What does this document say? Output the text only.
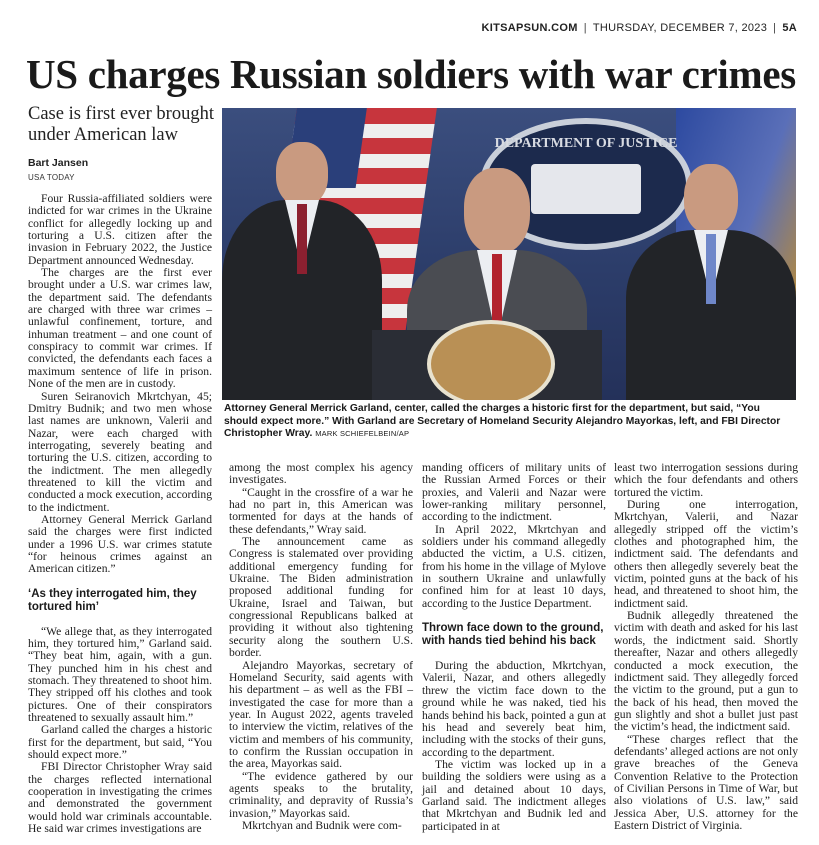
KITSAPSUN.COM | THURSDAY, DECEMBER 7, 2023 | 5A
US charges Russian soldiers with war crimes
Case is first ever brought under American law
Bart Jansen
USA TODAY
DEPARTMENT OF JUSTICE

Attorney General Merrick Garland, center, called the charges a historic first for the department, but said, “You should expect more.” With Garland are Secretary of Homeland Security Alejandro Mayorkas, left, and FBI Director Christopher Wray. MARK SCHIEFELBEIN/AP

Four Russia-affiliated soldiers were indicted for war crimes in the Ukraine conflict for allegedly locking up and torturing a U.S. citizen after the invasion in February 2022, the Justice Department announced Wednesday.

The charges are the first ever brought under a U.S. war crimes law, the department said. The defendants are charged with three war crimes – unlawful confinement, torture, and inhuman treatment – and one count of conspiracy to commit war crimes. If convicted, the defendants each faces a maximum sentence of life in prison. None of the men are in custody.

Suren Seiranovich Mkrtchyan, 45; Dmitry Budnik; and two men whose last names are unknown, Valerii and Nazar, were each charged with interrogating, severely beating and torturing the U.S. citizen, according to the indictment. The men allegedly threatened to kill the victim and conducted a mock execution, according to the indictment.

Attorney General Merrick Garland said the charges were first indicted under a 1996 U.S. war crimes statute “for heinous crimes against an American citizen.”

‘As they interrogated him, they tortured him’

“We allege that, as they interrogated him, they tortured him,” Garland said. “They beat him, again, with a gun. They punched him in his chest and stomach. They threatened to shoot him. They stripped off his clothes and took pictures. One of their conspirators threatened to sexually assault him.”

Garland called the charges a historic first for the department, but said, “You should expect more.”

FBI Director Christopher Wray said the charges reflected international cooperation in investigating the crimes and demonstrated the government would hold war criminals accountable. He said war crimes investigations are

among the most complex his agency investigates.

“Caught in the crossfire of a war he had no part in, this American was tormented for days at the hands of these defendants,” Wray said.

The announcement came as Congress is stalemated over providing additional emergency funding for Ukraine. The Biden administration proposed additional funding for Ukraine, Israel and Taiwan, but congressional Republicans balked at providing it without also tightening security along the southern U.S. border.

Alejandro Mayorkas, secretary of Homeland Security, said agents with his department – as well as the FBI – investigated the case for more than a year. In August 2022, agents traveled to interview the victim, relatives of the victim and members of his community, to confirm the Russian occupation in the area, Mayorkas said.

“The evidence gathered by our agents speaks to the brutality, criminality, and depravity of Russia’s invasion,” Mayorkas said.

Mkrtchyan and Budnik were com-

manding officers of military units of the Russian Armed Forces or their proxies, and Valerii and Nazar were lower-ranking military personnel, according to the indictment.

In April 2022, Mkrtchyan and soldiers under his command allegedly abducted the victim, a U.S. citizen, from his home in the village of Mylove in southern Ukraine and unlawfully confined him for at least 10 days, according to the Justice Department.

Thrown face down to the ground, with hands tied behind his back

During the abduction, Mkrtchyan, Valerii, Nazar, and others allegedly threw the victim face down to the ground while he was naked, tied his hands behind his back, pointed a gun at his head and severely beat him, including with the stocks of their guns, according to the department.

The victim was locked up in a building the soldiers were using as a jail and detained about 10 days, Garland said. The indictment alleges that Mkrtchyan and Budnik led and participated in at

least two interrogation sessions during which the four defendants and others tortured the victim.

During one interrogation, Mkrtchyan, Valerii, and Nazar allegedly stripped off the victim’s clothes and photographed him, the indictment said. The defendants and others then allegedly severely beat the victim, pointed guns at the back of his head, and threatened to shoot him, the indictment said.

Budnik allegedly threatened the victim with death and asked for his last words, the indictment said. Shortly thereafter, Nazar and others allegedly conducted a mock execution, the indictment said. They allegedly forced the victim to the ground, put a gun to the back of his head, then moved the gun slightly and shot a bullet just past the victim’s head, the indictment said.

“These charges reflect that the defendants’ alleged actions are not only grave breaches of the Geneva Convention Relative to the Protection of Civilian Persons in Time of War, but also violations of U.S. law,” said Jessica Aber, U.S. attorney for the Eastern District of Virginia.
